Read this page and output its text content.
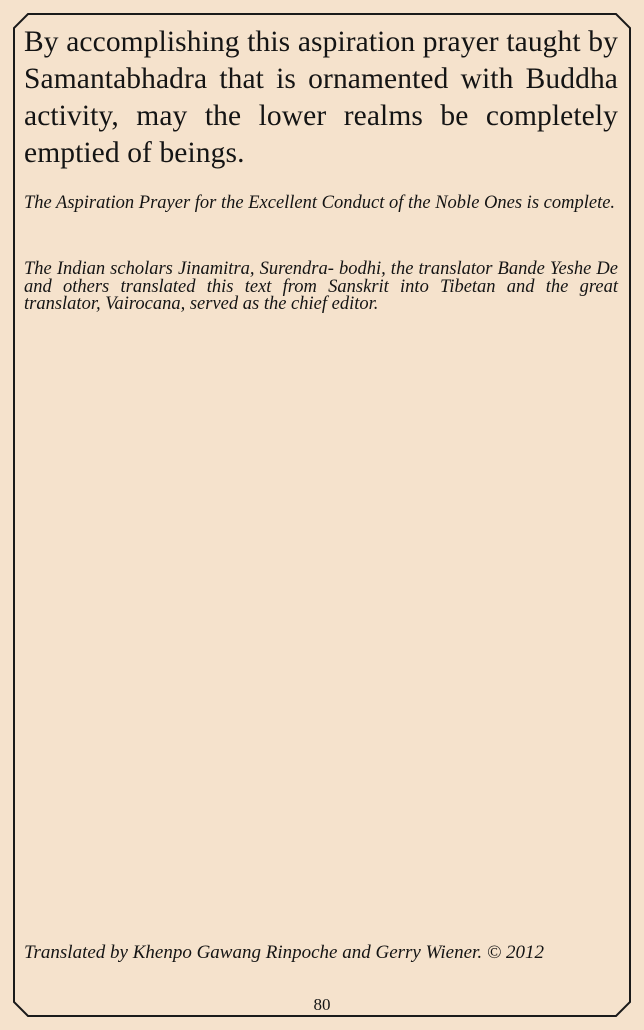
By accomplishing this aspiration prayer taught by Samantabhadra that is ornamented with Buddha activity, may the lower realms be completely emptied of beings.

The Aspiration Prayer for the Excellent Conduct of the Noble Ones is complete.

The Indian scholars Jinamitra, Surendra- bodhi, the translator Bande Yeshe De and others translated this text from Sanskrit into Tibetan and the great translator, Vairocana, served as the chief editor.

Translated by Khenpo Gawang Rinpoche and Gerry Wiener. © 2012

80
